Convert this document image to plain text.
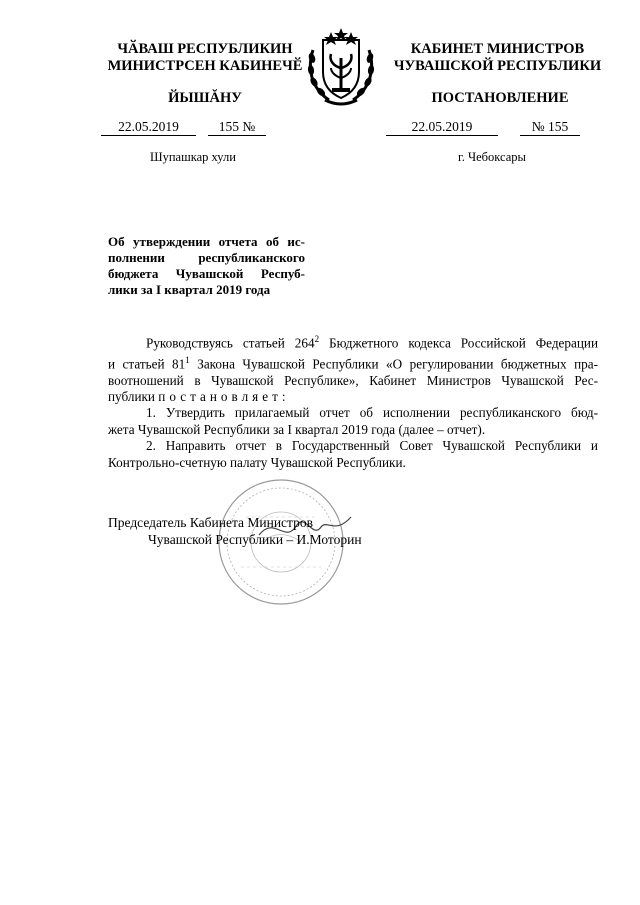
ЧӐВАШ РЕСПУБЛИКИН
МИНИСТРСЕН КАБИНЕЧӖ
ЙЫШĂНУ
22.05.2019	155 №
Шупашкар хули
КАБИНЕТ МИНИСТРОВ
ЧУВАШСКОЙ РЕСПУБЛИКИ
ПОСТАНОВЛЕНИЕ
22.05.2019	№ 155
г. Чебоксары
Об утверждении отчета об ис-
полнении республиканского
бюджета Чувашской Респуб-
лики за I квартал 2019 года
Руководствуясь статьей $264^2$ Бюджетного кодекса Российской Федерации
и статьей $81^1$ Закона Чувашской Республики «О регулировании бюджетных пра-
воотношений в Чувашской Республике», Кабинет Министров Чувашской Рес-
публики постановляет:
1. Утвердить прилагаемый отчет об исполнении республиканского бюд-
жета Чувашской Республики за I квартал 2019 года (далее – отчет).
2. Направить отчет в Государственный Совет Чувашской Республики и
Контрольно-счетную палату Чувашской Республики.
Председатель Кабинета Министров
Чувашской Республики – И.Моторин
